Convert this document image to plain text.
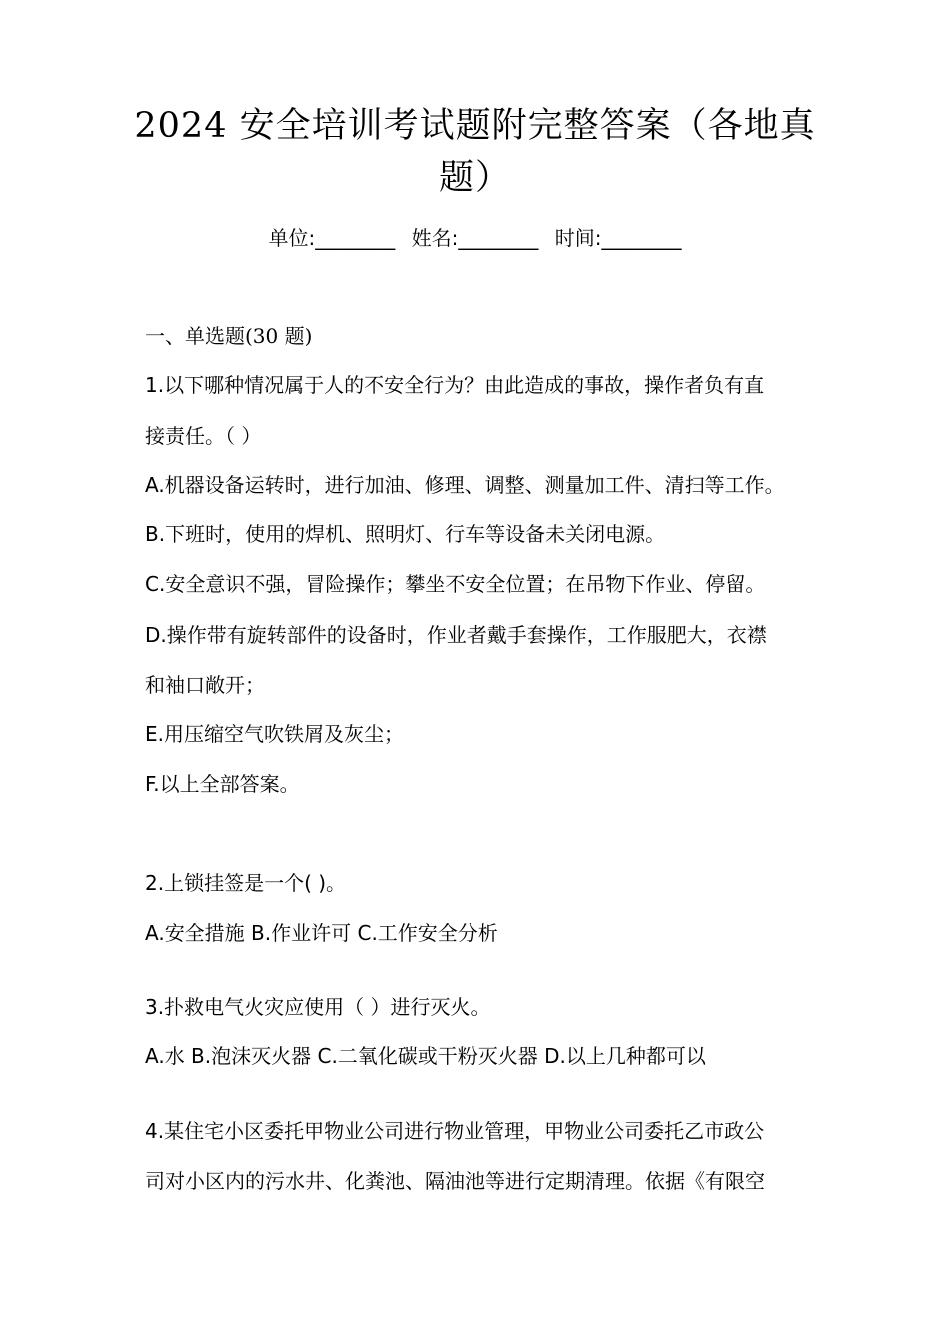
2024 安全培训考试题附完整答案（各地真
题）
单位:________ 姓名:________ 时间:________
一、单选题(30 题)
1.以下哪种情况属于人的不安全行为？由此造成的事故，操作者负有直
接责任。（ ）
A.机器设备运转时，进行加油、修理、调整、测量加工件、清扫等工作。
B.下班时，使用的焊机、照明灯、行车等设备未关闭电源。
C.安全意识不强，冒险操作；攀坐不安全位置；在吊物下作业、停留。
D.操作带有旋转部件的设备时，作业者戴手套操作，工作服肥大，衣襟
和袖口敞开；
E.用压缩空气吹铁屑及灰尘；
F.以上全部答案。
2.上锁挂签是一个( )。
A.安全措施 B.作业许可 C.工作安全分析
3.扑救电气火灾应使用（ ）进行灭火。
A.水 B.泡沫灭火器 C.二氧化碳或干粉灭火器 D.以上几种都可以
4.某住宅小区委托甲物业公司进行物业管理，甲物业公司委托乙市政公
司对小区内的污水井、化粪池、隔油池等进行定期清理。依据《有限空
